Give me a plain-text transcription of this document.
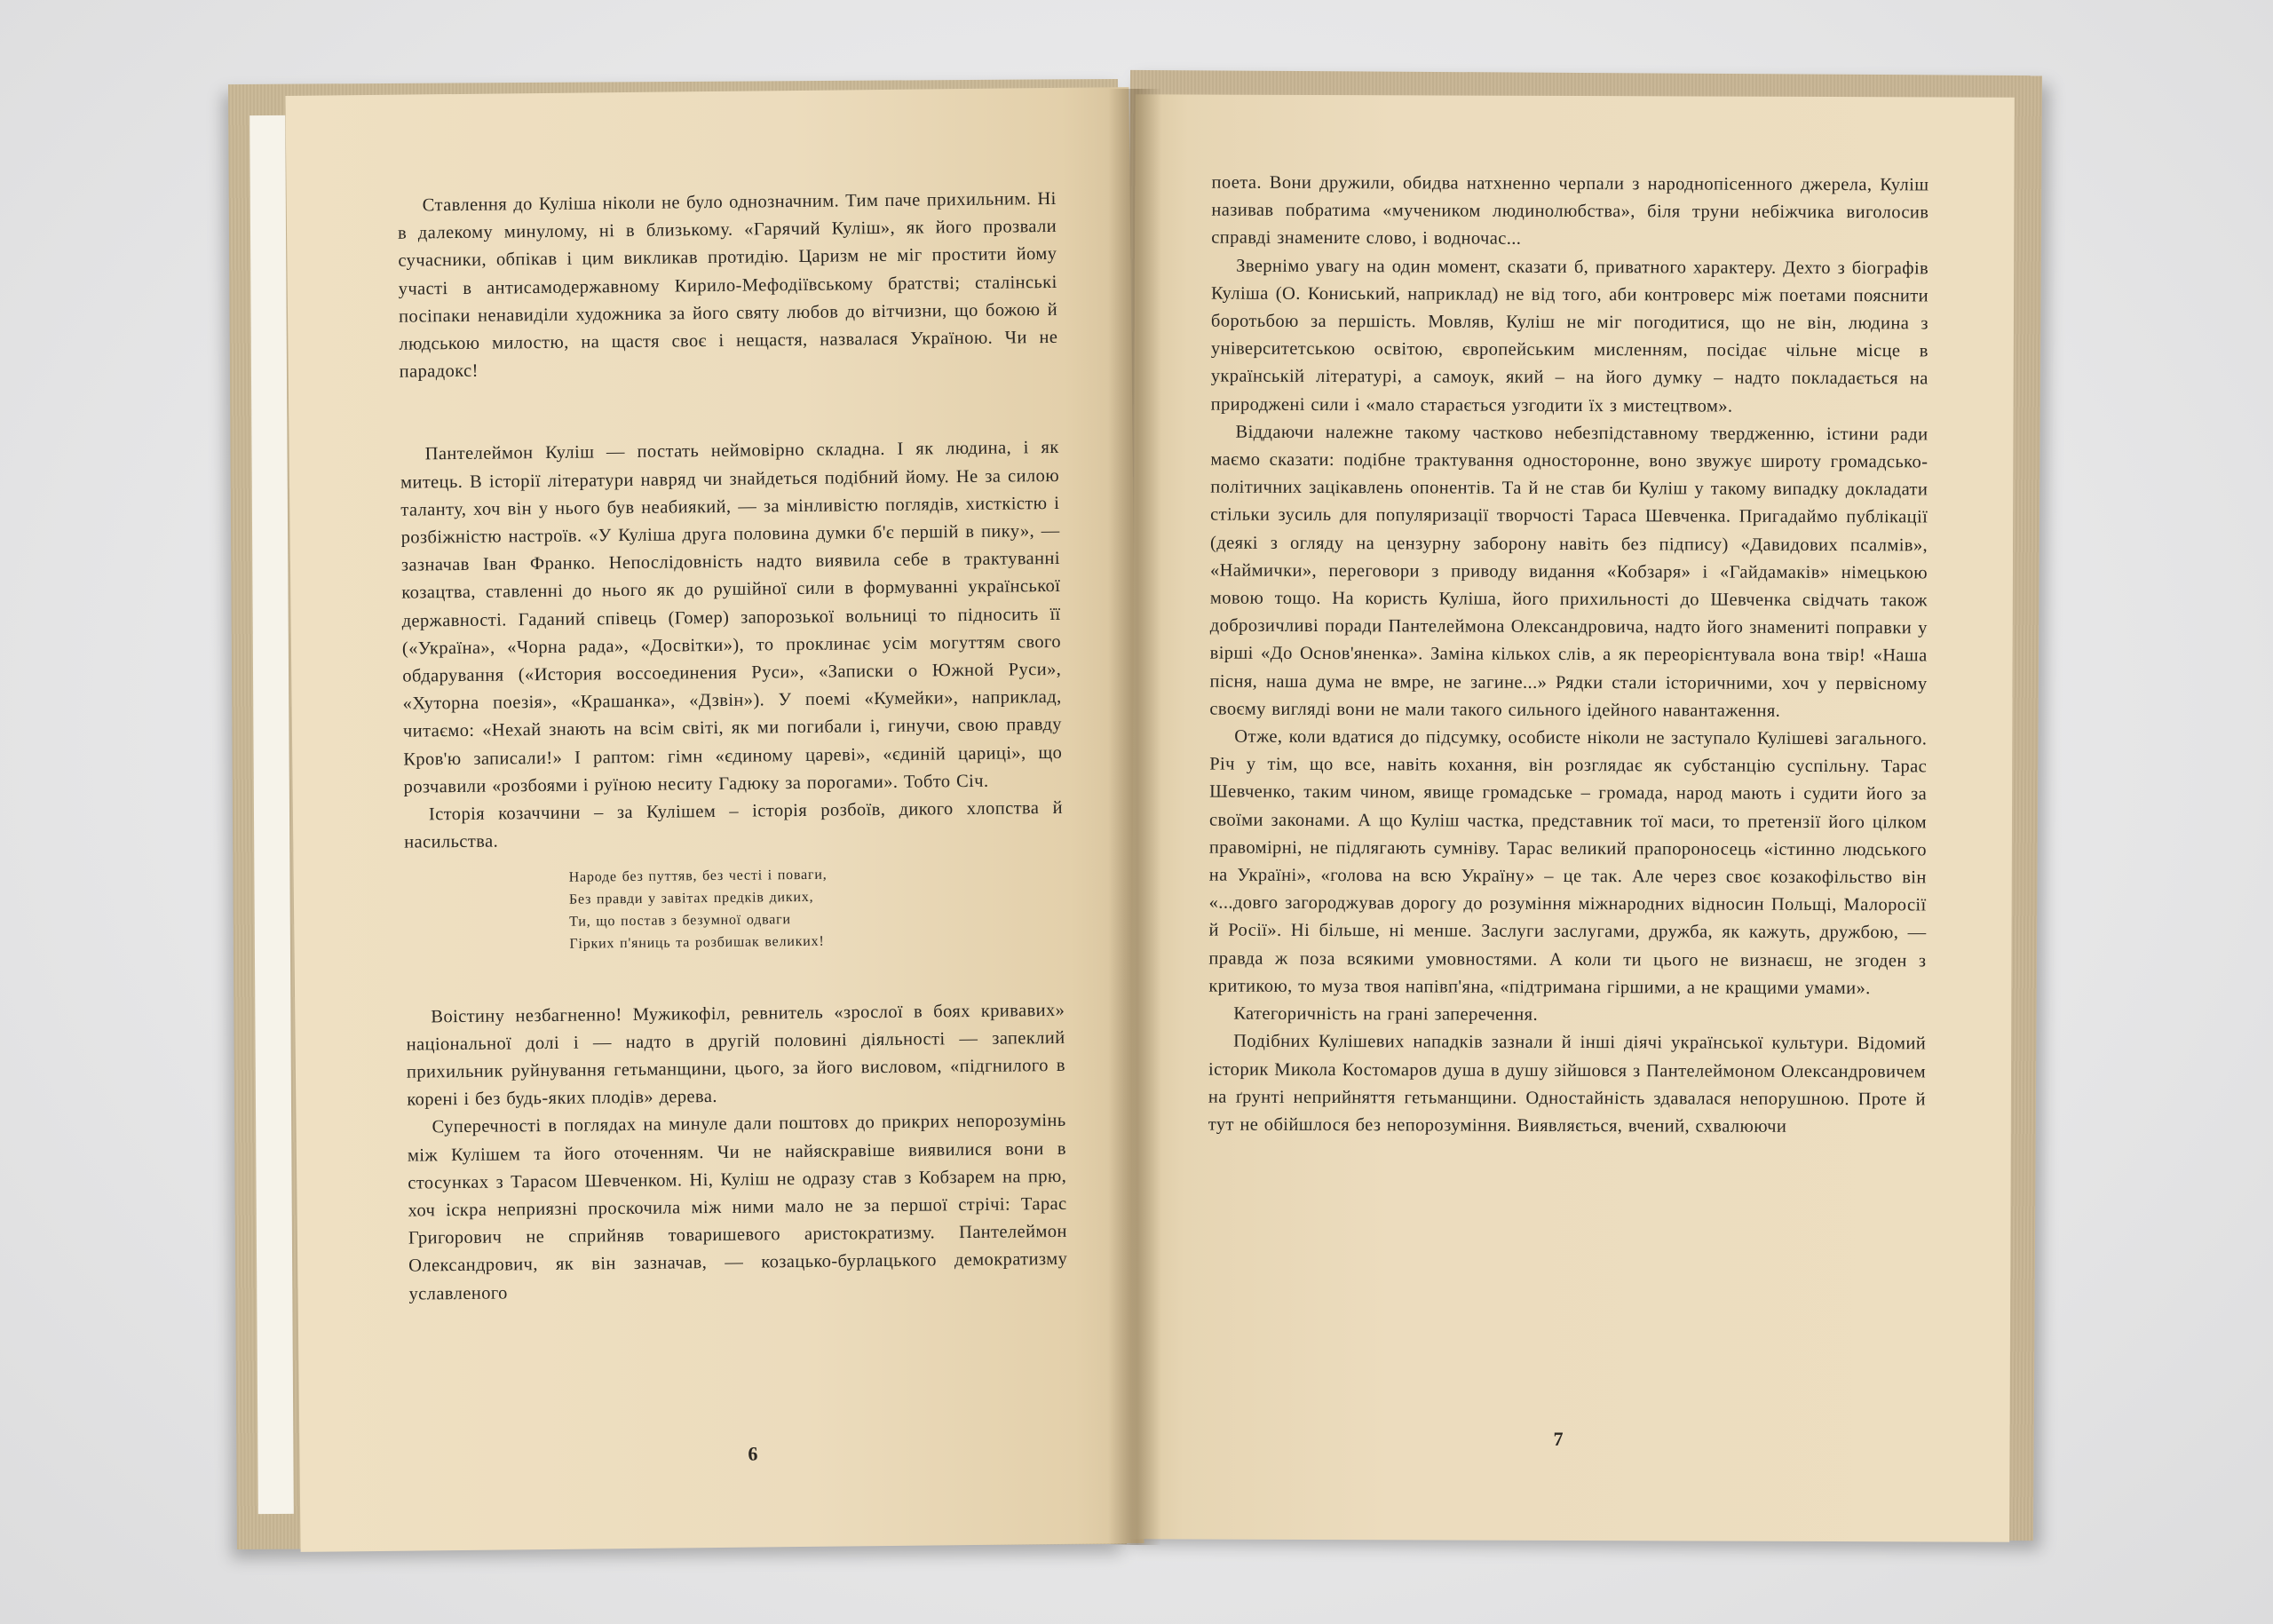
Ставлення до Куліша ніколи не було однозначним. Тим паче прихильним. Ні в далекому минулому, ні в близькому. «Гарячий Куліш», як його прозвали сучасники, обпікав і цим викликав протидію. Царизм не міг простити йому участі в антисамодержавному Кирило-Мефодіївському братстві; сталінські посіпаки ненавиділи художника за його святу любов до вітчизни, що божою й людською милостю, на щастя своє і нещастя, назвалася Україною. Чи не парадокс!

Пантелеймон Куліш — постать неймовірно складна. І як людина, і як митець. В історії літератури навряд чи знайдеться подібний йому. Не за силою таланту, хоч він у нього був неабиякий, — за мінливістю поглядів, хисткістю і розбіжністю настроїв. «У Куліша друга половина думки б'є першій в пику», — зазначав Іван Франко. Непослідовність надто виявила себе в трактуванні козацтва, ставленні до нього як до рушійної сили в формуванні української державності. Гаданий співець (Гомер) запорозької вольниці то підносить її («Україна», «Чорна рада», «Досвітки»), то проклинає усім могуттям свого обдарування («История воссоединения Руси», «Записки о Южной Руси», «Хуторна поезія», «Крашанка», «Дзвін»). У поемі «Кумейки», наприклад, читаємо: «Нехай знають на всім світі, як ми погибали і, гинучи, свою правду Кров'ю записали!» І раптом: гімн «єдиному цареві», «єдиній цариці», що розчавили «розбоями і руїною неситу Гадюку за порогами». Тобто Січ.

Історія козаччини – за Кулішем – історія розбоїв, дикого хлопства й насильства.

Народе без путтяв, без честі і поваги,
Без правди у завітах предків диких,
Ти, що постав з безумної одваги
Гірких п'яниць та розбишак великих!

Воістину незбагненно! Мужикофіл, ревнитель «зрослої в боях кривавих» національної долі і — надто в другій половині діяльності — запеклий прихильник руйнування гетьманщини, цього, за його висловом, «підгнилого в корені і без будь-яких плодів» дерева.

Суперечності в поглядах на минуле дали поштовх до прикрих непорозумінь між Кулішем та його оточенням. Чи не найяскравіше виявилися вони в стосунках з Тарасом Шевченком. Ні, Куліш не одразу став з Кобзарем на прю, хоч іскра неприязні проскочила між ними мало не за першої стрічі: Тарас Григорович не сприйняв товаришевого аристократизму. Пантелеймон Олександрович, як він зазначав, — козацько-бурлацького демократизму уславленого

6

поета. Вони дружили, обидва натхненно черпали з народнопісенного джерела, Куліш називав побратима «мучеником людинолюбства», біля труни небіжчика виголосив справді знамените слово, і водночас...

Звернімо увагу на один момент, сказати б, приватного характеру. Дехто з біографів Куліша (О. Кониський, наприклад) не від того, аби контроверс між поетами пояснити боротьбою за першість. Мовляв, Куліш не міг погодитися, що не він, людина з університетською освітою, європейським мисленням, посідає чільне місце в українській літературі, а самоук, який – на його думку – надто покладається на природжені сили і «мало старається узгодити їх з мистецтвом».

Віддаючи належне такому частково небезпідставному твердженню, істини ради маємо сказати: подібне трактування односторонне, воно звужує широту громадсько-політичних зацікавлень опонентів. Та й не став би Куліш у такому випадку докладати стільки зусиль для популяризації творчості Тараса Шевченка. Пригадаймо публікації (деякі з огляду на цензурну заборону навіть без підпису) «Давидових псалмів», «Наймички», переговори з приводу видання «Кобзаря» і «Гайдамаків» німецькою мовою тощо. На користь Куліша, його прихильності до Шевченка свідчать також доброзичливі поради Пантелеймона Олександровича, надто його знамениті поправки у вірші «До Основ'яненка». Заміна кількох слів, а як переорієнтувала вона твір! «Наша пісня, наша дума не вмре, не загине...» Рядки стали історичними, хоч у первісному своєму вигляді вони не мали такого сильного ідейного навантаження.

Отже, коли вдатися до підсумку, особисте ніколи не заступало Кулішеві загального. Річ у тім, що все, навіть кохання, він розглядає як субстанцію суспільну. Тарас Шевченко, таким чином, явище громадське – громада, народ мають і судити його за своїми законами. А що Куліш частка, представник тої маси, то претензії його цілком правомірні, не підлягають сумніву. Тарас великий прапороносець «істинно людського на Україні», «голова на всю Україну» – це так. Але через своє козакофільство він «...довго загороджував дорогу до розуміння міжнародних відносин Польщі, Малоросії й Росії». Ні більше, ні менше. Заслуги заслугами, дружба, як кажуть, дружбою, — правда ж поза всякими умовностями. А коли ти цього не визнаєш, не згоден з критикою, то муза твоя напівп'яна, «підтримана гіршими, а не кращими умами».

Категоричність на грані заперечення.

Подібних Кулішевих нападків зазнали й інші діячі української культури. Відомий історик Микола Костомаров душа в душу зійшовся з Пантелеймоном Олександровичем на ґрунті неприйняття гетьманщини. Одностайність здавалася непорушною. Проте й тут не обійшлося без непорозуміння. Виявляється, вчений, схвалюючи

7
